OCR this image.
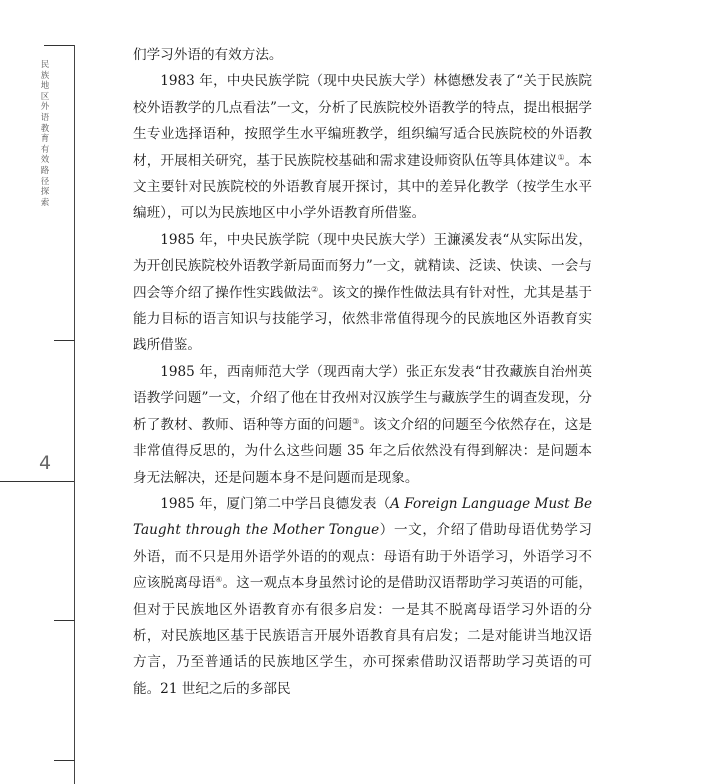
民族地区外语教育有效路径探索
4

们学习外语的有效方法。

1983 年，中央民族学院（现中央民族大学）林德懋发表了“关于民族院校外语教学的几点看法”一文，分析了民族院校外语教学的特点，提出根据学生专业选择语种，按照学生水平编班教学，组织编写适合民族院校的外语教材，开展相关研究，基于民族院校基础和需求建设师资队伍等具体建议①。本文主要针对民族院校的外语教育展开探讨，其中的差异化教学（按学生水平编班），可以为民族地区中小学外语教育所借鉴。

1985 年，中央民族学院（现中央民族大学）王濂溪发表“从实际出发，为开创民族院校外语教学新局面而努力”一文，就精读、泛读、快读、一会与四会等介绍了操作性实践做法②。该文的操作性做法具有针对性，尤其是基于能力目标的语言知识与技能学习，依然非常值得现今的民族地区外语教育实践所借鉴。

1985 年，西南师范大学（现西南大学）张正东发表“甘孜藏族自治州英语教学问题”一文，介绍了他在甘孜州对汉族学生与藏族学生的调查发现，分析了教材、教师、语种等方面的问题③。该文介绍的问题至今依然存在，这是非常值得反思的，为什么这些问题 35 年之后依然没有得到解决：是问题本身无法解决，还是问题本身不是问题而是现象。

1985 年，厦门第二中学吕良德发表（A Foreign Language Must Be Taught through the Mother Tongue）一文，介绍了借助母语优势学习外语，而不只是用外语学外语的的观点：母语有助于外语学习，外语学习不应该脱离母语④。这一观点本身虽然讨论的是借助汉语帮助学习英语的可能，但对于民族地区外语教育亦有很多启发：一是其不脱离母语学习外语的分析，对民族地区基于民族语言开展外语教育具有启发；二是对能讲当地汉语方言，乃至普通话的民族地区学生，亦可探索借助汉语帮助学习英语的可能。21 世纪之后的多部民
